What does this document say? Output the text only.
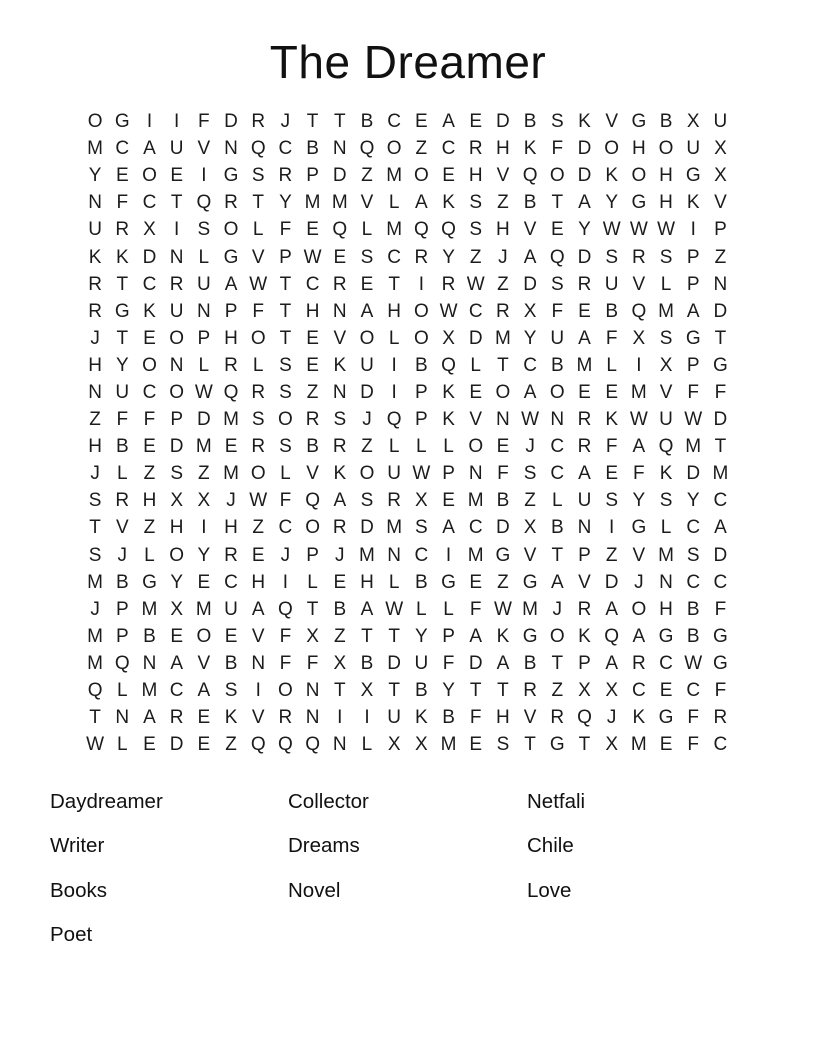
The Dreamer
O G I	I F D R J T T B C E A E D B S K V G B X U
M C A U V N Q C B N Q O Z C R H K F D O H O U X
Y E O E I G S R P D Z M O E H V Q O D K O H G X
N F C T Q R T Y M M V L A K S Z B T A Y G H K V
U R X I S O L F E Q L M Q Q S H V E Y W W W I P
K K D N L G V P W E S C R Y Z J A Q D S R S P Z
R T C R U A W T C R E T I R W Z D S R U V L P N
R G K U N P F T H N A H O W C R X F E B Q M A D
J T E O P H O T E V O L O X D M Y U A F X S G T
H Y O N L R L S E K U I B Q L T C B M L	I X P G
N U C O W Q R S Z N D I P K E O A O E E M V F F
Z F F P D M S O R S J Q P K V N W N R K W U W D
H B E D M E R S B R Z L L L O E J C R F A Q M T
J L Z S Z M O L V K O U W P N F S C A E F K D M
S R H X X J W F Q A S R X E M B Z L U S Y S Y C
T V Z H I H Z C O R D M S A C D X B N I G L C A
S J L O Y R E J P J M N C I M G V T P Z V M S D
M B G Y E C H I	L E H L B G E Z G A V D J N C C
J P M X M U A Q T B A W L L F W M J R A O H B F
M P B E O E V F X Z T T Y P A K G O K Q A G B G
M Q N A V B N F F X B D U F D A B T P A R C W G
Q L M C A S I O N T X T B Y T T R Z X X C E C F
T N A R E K V R N I	I U K B F H V R Q J K G F R
W L E D E Z Q Q Q N L X X M E S T G T X M E F C
Daydreamer
Writer
Books
Poet
Collector
Dreams
Novel
Netfali
Chile
Love
